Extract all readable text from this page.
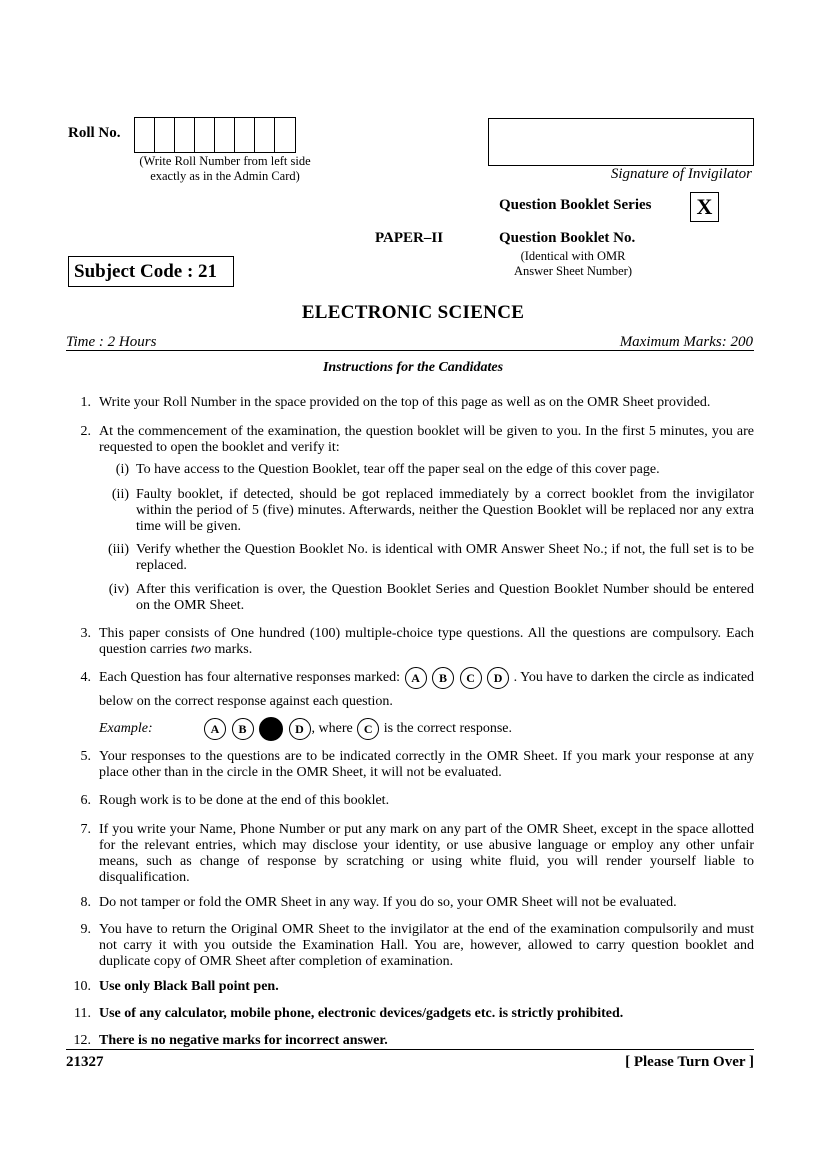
Roll No.
(Write Roll Number from left side
exactly as in the Admin Card)	Signature of Invigilator
Question Booklet Series X
PAPER–II	Question Booklet No.
(Identical with OMR
Answer Sheet Number)
Subject Code : 21
ELECTRONIC SCIENCE
Time : 2 Hours	Maximum Marks: 200
Instructions for the Candidates
1. Write your Roll Number in the space provided on the top of this page as well as on the OMR Sheet provided.
2. At the commencement of the examination, the question booklet will be given to you. In the first 5 minutes, you are requested to open the booklet and verify it:
(i) To have access to the Question Booklet, tear off the paper seal on the edge of this cover page.
(ii) Faulty booklet, if detected, should be got replaced immediately by a correct booklet from the invigilator within the period of 5 (five) minutes. Afterwards, neither the Question Booklet will be replaced nor any extra time will be given.
(iii) Verify whether the Question Booklet No. is identical with OMR Answer Sheet No.; if not, the full set is to be replaced.
(iv) After this verification is over, the Question Booklet Series and Question Booklet Number should be entered on the OMR Sheet.
3. This paper consists of One hundred (100) multiple-choice type questions. All the questions are compulsory. Each question carries two marks.
4. Each Question has four alternative responses marked: A B C D . You have to darken the circle as indicated below on the correct response against each question.
Example:	A B	D , where C is the correct response.
5. Your responses to the questions are to be indicated correctly in the OMR Sheet. If you mark your response at any place other than in the circle in the OMR Sheet, it will not be evaluated.
6. Rough work is to be done at the end of this booklet.
7. If you write your Name, Phone Number or put any mark on any part of the OMR Sheet, except in the space allotted for the relevant entries, which may disclose your identity, or use abusive language or employ any other unfair means, such as change of response by scratching or using white fluid, you will render yourself liable to disqualification.
8. Do not tamper or fold the OMR Sheet in any way. If you do so, your OMR Sheet will not be evaluated.
9. You have to return the Original OMR Sheet to the invigilator at the end of the examination compulsorily and must not carry it with you outside the Examination Hall. You are, however, allowed to carry question booklet and duplicate copy of OMR Sheet after completion of examination.
10. Use only Black Ball point pen.
11. Use of any calculator, mobile phone, electronic devices/gadgets etc. is strictly prohibited.
12. There is no negative marks for incorrect answer.
21327	[ Please Turn Over ]
